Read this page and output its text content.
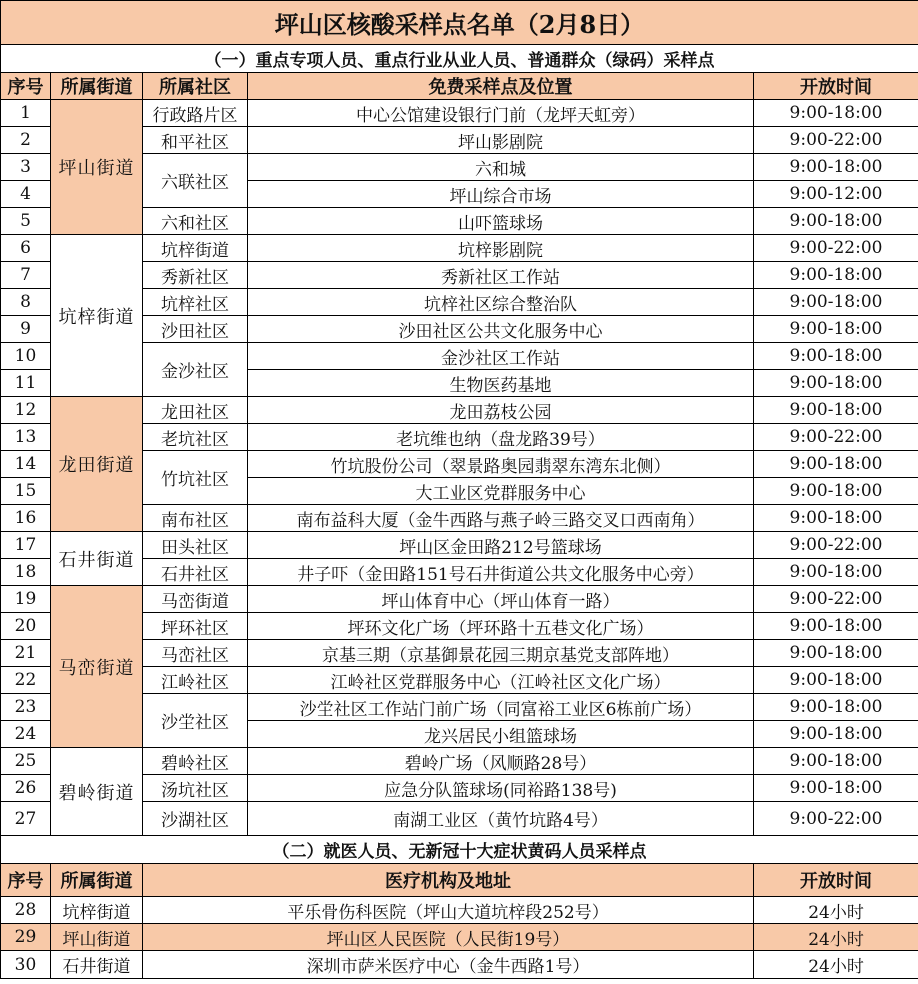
坪山区核酸采样点名单（2月8日）				
（一）重点专项人员、重点行业从业人员、普通群众（绿码）采样点				
序号	所属街道	所属社区	免费采样点及位置	开放时间
1	坪山街道	行政路片区	中心公馆建设银行门前（龙坪天虹旁）	9:00-18:00
2		和平社区	坪山影剧院	9:00-22:00
3		六联社区	六和城	9:00-18:00
4			坪山综合市场	9:00-12:00
5		六和社区	山吓篮球场	9:00-18:00
6	坑梓街道	坑梓街道	坑梓影剧院	9:00-22:00
7		秀新社区	秀新社区工作站	9:00-18:00
8		坑梓社区	坑梓社区综合整治队	9:00-18:00
9		沙田社区	沙田社区公共文化服务中心	9:00-18:00
10		金沙社区	金沙社区工作站	9:00-18:00
11			生物医药基地	9:00-18:00
12	龙田街道	龙田社区	龙田荔枝公园	9:00-18:00
13		老坑社区	老坑维也纳（盘龙路39号）	9:00-22:00
14		竹坑社区	竹坑股份公司（翠景路奥园翡翠东湾东北侧）	9:00-18:00
15			大工业区党群服务中心	9:00-18:00
16		南布社区	南布益科大厦（金牛西路与燕子岭三路交叉口西南角）	9:00-18:00
17	石井街道	田头社区	坪山区金田路212号篮球场	9:00-22:00
18		石井社区	井子吓（金田路151号石井街道公共文化服务中心旁）	9:00-18:00
19	马峦街道	马峦街道	坪山体育中心（坪山体育一路）	9:00-22:00
20		坪环社区	坪环文化广场（坪环路十五巷文化广场）	9:00-18:00
21		马峦社区	京基三期（京基御景花园三期京基党支部阵地）	9:00-18:00
22		江岭社区	江岭社区党群服务中心（江岭社区文化广场）	9:00-18:00
23		沙坣社区	沙坣社区工作站门前广场（同富裕工业区6栋前广场）	9:00-18:00
24			龙兴居民小组篮球场	9:00-18:00
25	碧岭街道	碧岭社区	碧岭广场（风顺路28号）	9:00-18:00
26		汤坑社区	应急分队篮球场(同裕路138号)	9:00-18:00
27		沙湖社区	南湖工业区（黄竹坑路4号）	9:00-22:00
（二）就医人员、无新冠十大症状黄码人员采样点				
序号	所属街道	医疗机构及地址		开放时间
28	坑梓街道	平乐骨伤科医院（坪山大道坑梓段252号）		24小时
29	坪山街道	坪山区人民医院（人民街19号）		24小时
30	石井街道	深圳市萨米医疗中心（金牛西路1号）		24小时
